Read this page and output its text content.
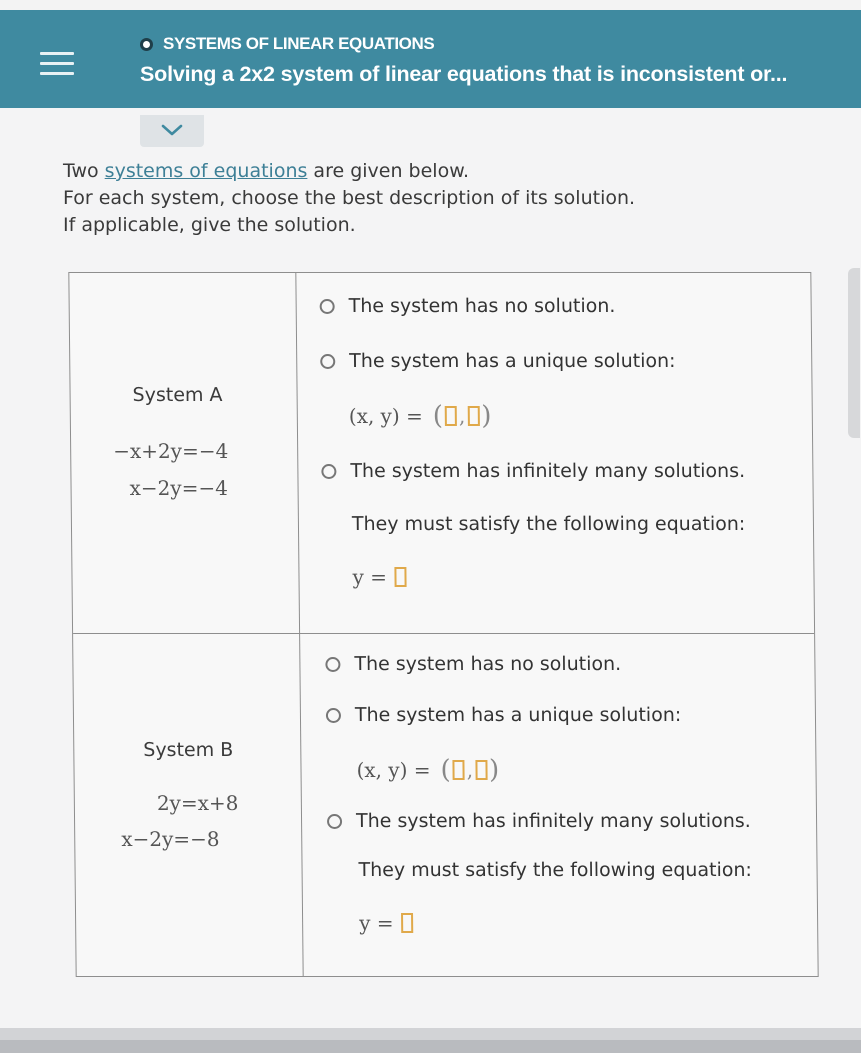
SYSTEMS OF LINEAR EQUATIONS
Solving a 2x2 system of linear equations that is inconsistent or...
Two systems of equations are given below.
For each system, choose the best description of its solution.
If applicable, give the solution.
System A
−x+2y=−4
x−2y=−4
The system has no solution.
The system has a unique solution:
(x, y) = ( , )
The system has infinitely many solutions.
They must satisfy the following equation:
y =
System B
2y=x+8
x−2y=−8
The system has no solution.
The system has a unique solution:
(x, y) = ( , )
The system has infinitely many solutions.
They must satisfy the following equation:
y =
